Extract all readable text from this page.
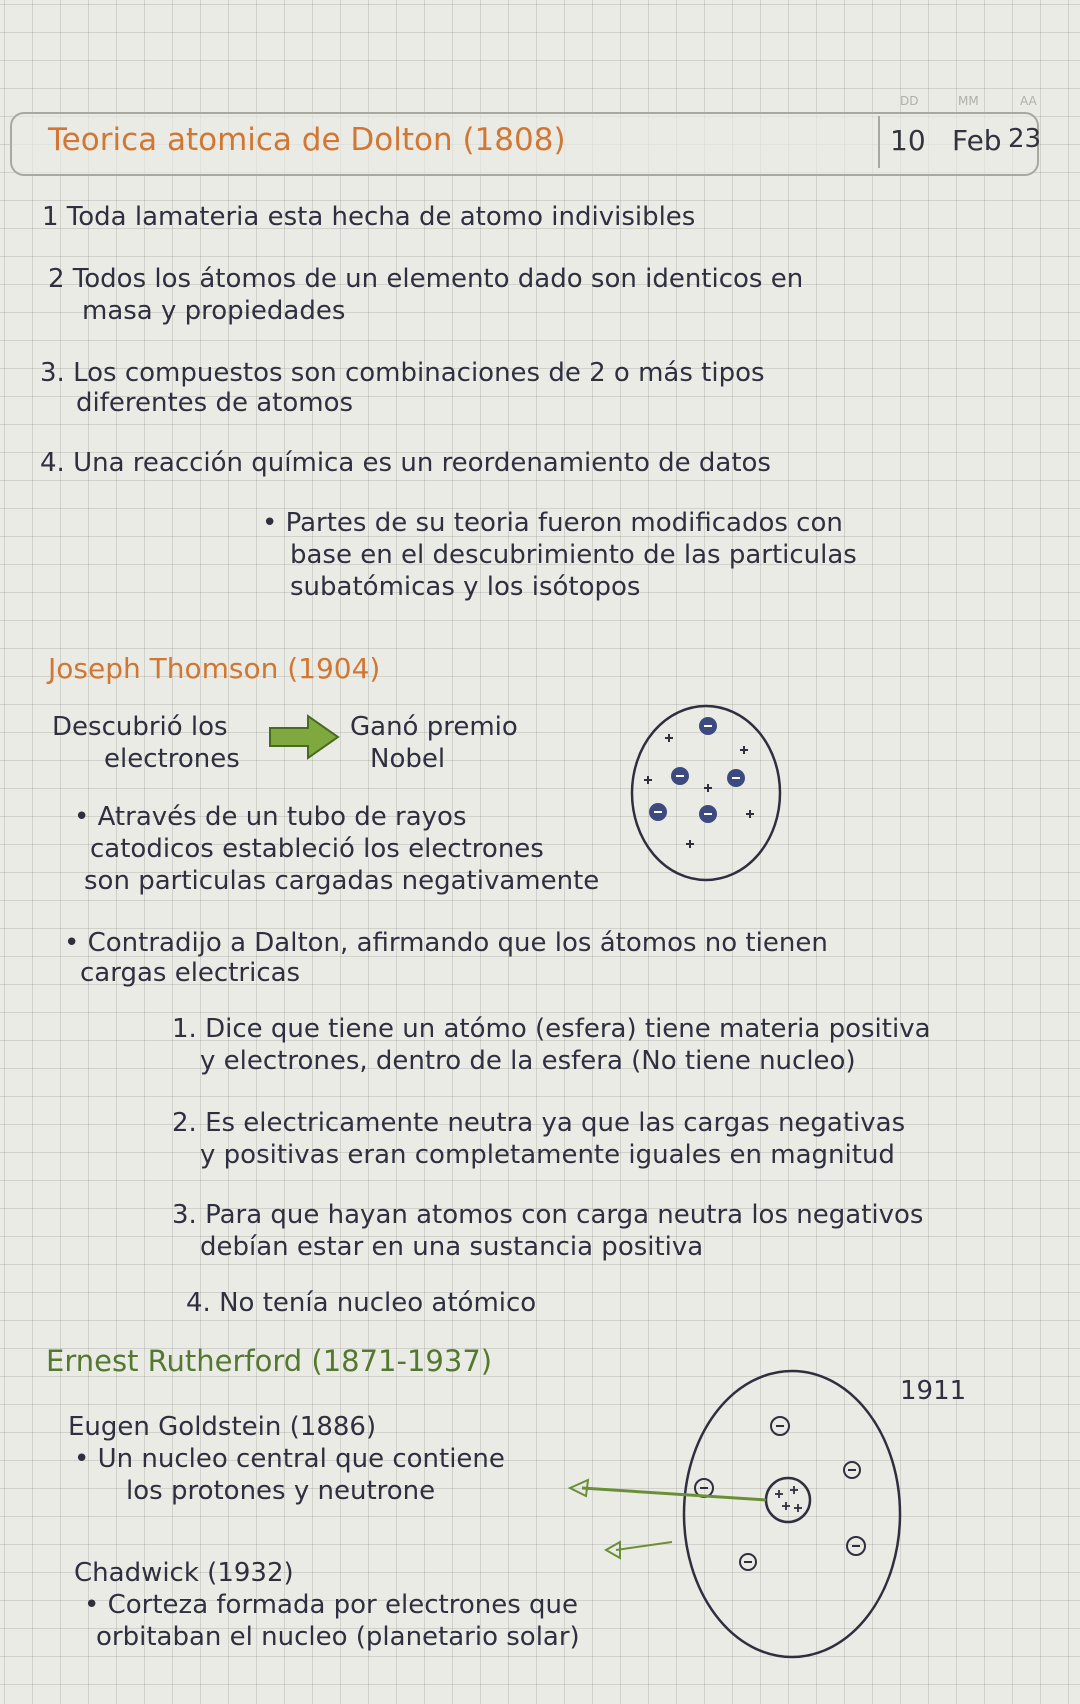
DD	MM	AA
Teorica atomica de Dolton (1808)	10 Feb 23
1 Toda lamateria esta hecha de atomo indivisibles
2 Todos los átomos de un elemento dado son identicos en
masa y propiedades
3. Los compuestos son combinaciones de 2 o más tipos
diferentes de atomos
4. Una reacción química es un reordenamiento de datos
• Partes de su teoria fueron modificados con
base en el descubrimiento de las particulas
subatómicas y los isótopos
Joseph Thomson (1904)
Descubrió los
electrones
Ganó premio
Nobel
• Através de un tubo de rayos
catodicos estableció los electrones
son particulas cargadas negativamente
• Contradijo a Dalton, afirmando que los átomos no tienen
cargas electricas
1. Dice que tiene un atómo (esfera) tiene materia positiva
y electrones, dentro de la esfera (No tiene nucleo)
2. Es electricamente neutra ya que las cargas negativas
y positivas eran completamente iguales en magnitud
3. Para que hayan atomos con carga neutra los negativos
debían estar en una sustancia positiva
4. No tenía nucleo atómico
Ernest Rutherford (1871-1937)
1911
Eugen Goldstein (1886)
• Un nucleo central que contiene
los protones y neutrone
Chadwick (1932)
• Corteza formada por electrones que
orbitaban el nucleo (planetario solar)
